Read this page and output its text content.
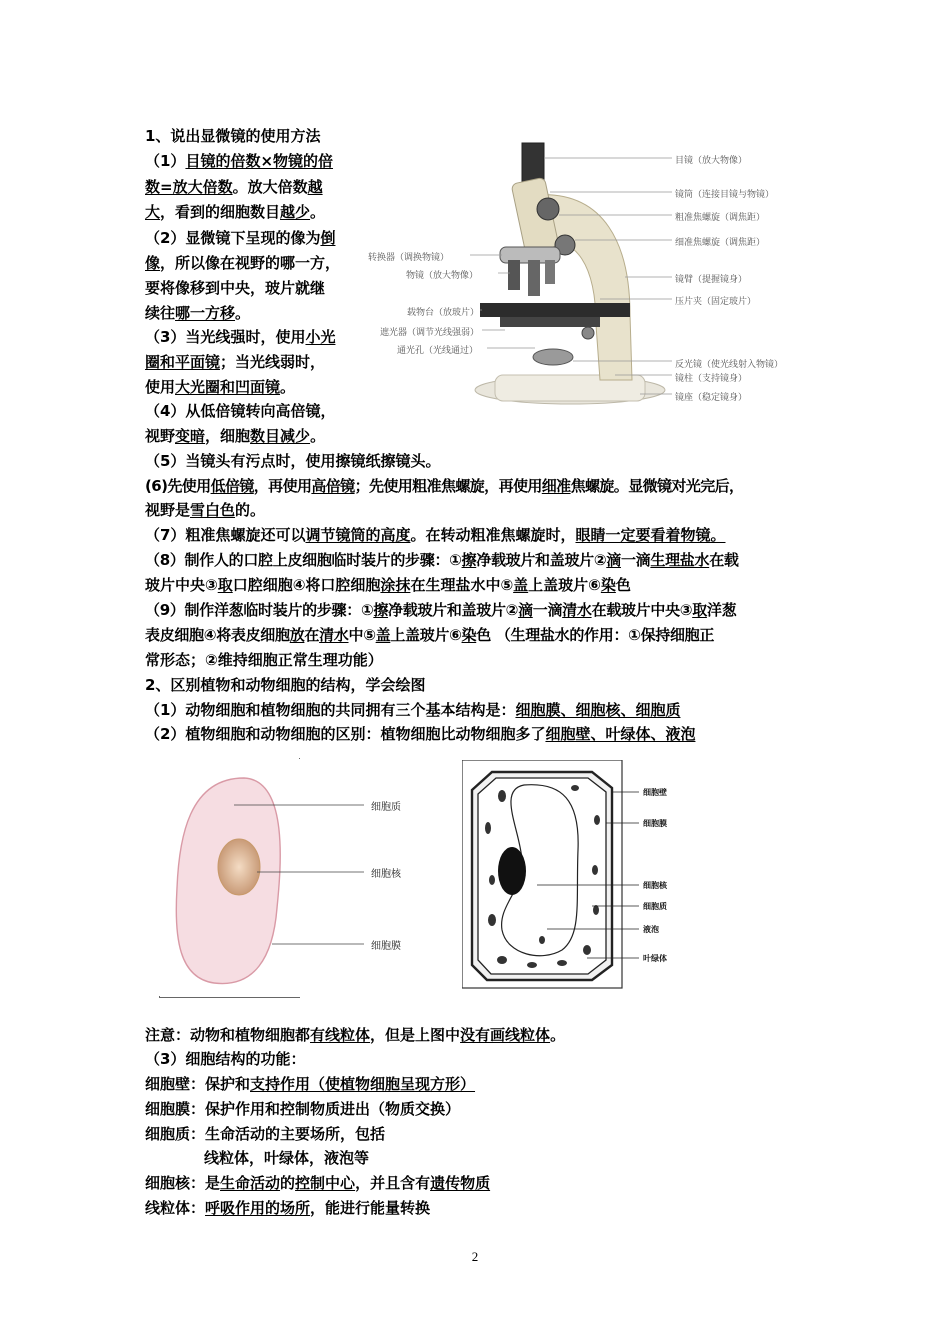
1、说出显微镜的使用方法
（1）目镜的倍数×物镜的倍
数=放大倍数。放大倍数越
大，看到的细胞数目越少。
（2）显微镜下呈现的像为倒
像，所以像在视野的哪一方，
要将像移到中央，玻片就继
续往哪一方移。
（3）当光线强时，使用小光
圈和平面镜；当光线弱时，
使用大光圈和凹面镜。
（4）从低倍镜转向高倍镜，
视野变暗，细胞数目减少。
（5）当镜头有污点时，使用擦镜纸擦镜头。
(6)先使用低倍镜，再使用高倍镜；先使用粗准焦螺旋，再使用细准焦螺旋。显微镜对光完后，
视野是雪白色的。
（7）粗准焦螺旋还可以调节镜筒的高度。在转动粗准焦螺旋时，眼睛一定要看着物镜。
（8）制作人的口腔上皮细胞临时装片的步骤：①擦净载玻片和盖玻片②滴一滴生理盐水在载
玻片中央③取口腔细胞④将口腔细胞涂抹在生理盐水中⑤盖上盖玻片⑥染色
（9）制作洋葱临时装片的步骤：①擦净载玻片和盖玻片②滴一滴清水在载玻片中央③取洋葱
表皮细胞④将表皮细胞放在清水中⑤盖上盖玻片⑥染色 （生理盐水的作用：①保持细胞正
常形态；②维持细胞正常生理功能）
2、区别植物和动物细胞的结构，学会绘图
（1）动物细胞和植物细胞的共同拥有三个基本结构是：细胞膜、细胞核、细胞质
（2）植物细胞和动物细胞的区别：植物细胞比动物细胞多了细胞壁、叶绿体、液泡
注意：动物和植物细胞都有线粒体，但是上图中没有画线粒体。
（3）细胞结构的功能：
细胞壁：保护和支持作用（使植物细胞呈现方形）
细胞膜：保护作用和控制物质进出（物质交换）
细胞质：生命活动的主要场所，包括
线粒体，叶绿体，液泡等
细胞核：是生命活动的控制中心，并且含有遗传物质
线粒体：呼吸作用的场所，能进行能量转换
目镜（放大物像）
镜筒（连接目镜与物镜）
粗准焦螺旋（调焦距）
细准焦螺旋（调焦距）
镜臂（提握镜身）
压片夹（固定玻片）
反光镜（使光线射入物镜）
镜柱（支持镜身）
镜座（稳定镜身）
转换器（调换物镜）
物镜（放大物像）
载物台（放玻片）
遮光器（调节光线强弱）
通光孔（光线通过）
细胞质
细胞核
细胞膜
细胞壁
细胞膜
细胞核
细胞质
液泡
叶绿体
2
